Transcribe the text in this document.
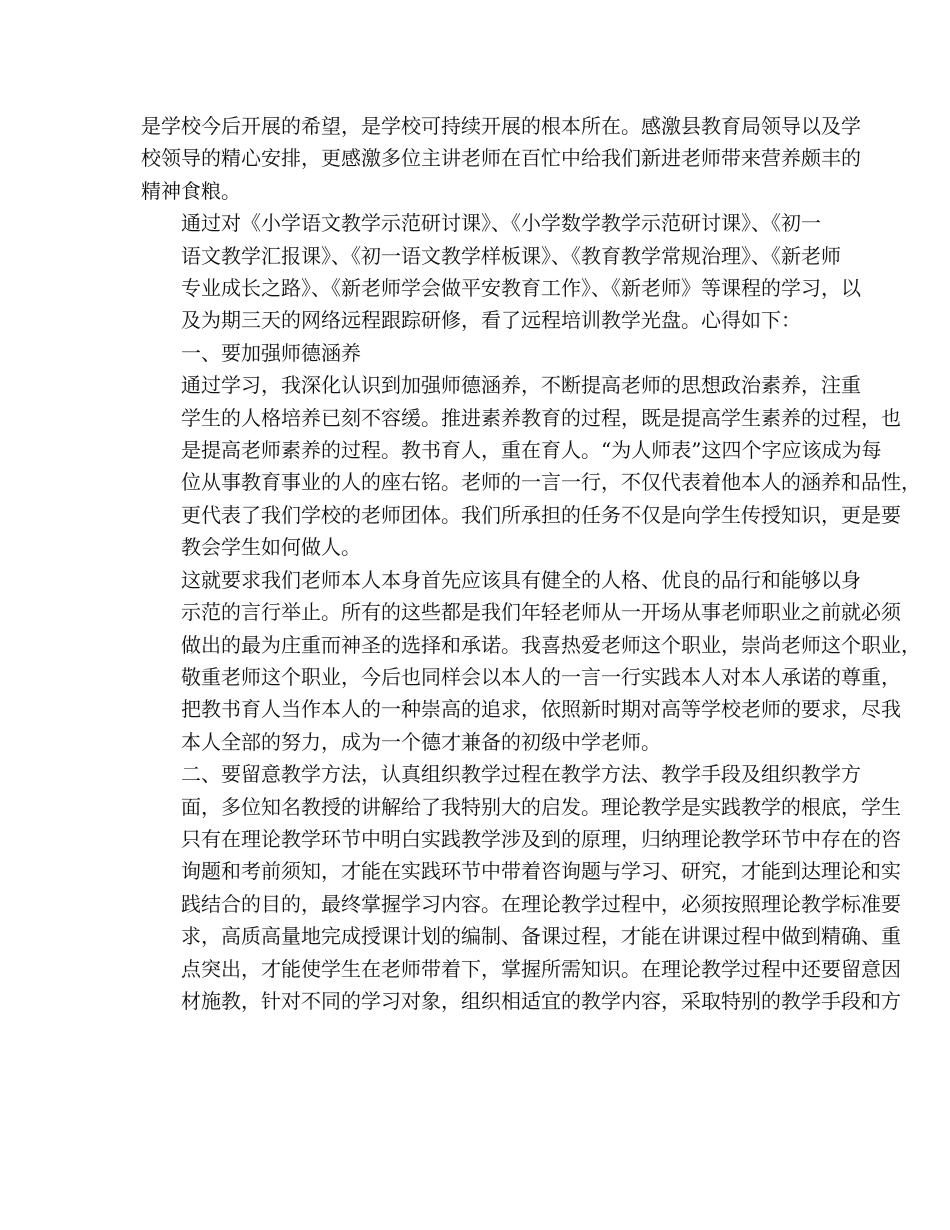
是学校今后开展的希望，是学校可持续开展的根本所在。感激县教育局领导以及学
校领导的精心安排，更感激多位主讲老师在百忙中给我们新进老师带来营养颇丰的
精神食粮。

通过对《小学语文教学示范研讨课》、《小学数学教学示范研讨课》、《初一
语文教学汇报课》、《初一语文教学样板课》、《教育教学常规治理》、《新老师
专业成长之路》、《新老师学会做平安教育工作》、《新老师》等课程的学习，以
及为期三天的网络远程跟踪研修，看了远程培训教学光盘。心得如下：

一、要加强师德涵养

通过学习，我深化认识到加强师德涵养，不断提高老师的思想政治素养，注重
学生的人格培养已刻不容缓。推进素养教育的过程，既是提高学生素养的过程，也
是提高老师素养的过程。教书育人，重在育人。“为人师表”这四个字应该成为每
位从事教育事业的人的座右铭。老师的一言一行，不仅代表着他本人的涵养和品性，
更代表了我们学校的老师团体。我们所承担的任务不仅是向学生传授知识，更是要
教会学生如何做人。

这就要求我们老师本人本身首先应该具有健全的人格、优良的品行和能够以身
示范的言行举止。所有的这些都是我们年轻老师从一开场从事老师职业之前就必须
做出的最为庄重而神圣的选择和承诺。我喜热爱老师这个职业，崇尚老师这个职业，
敬重老师这个职业，今后也同样会以本人的一言一行实践本人对本人承诺的尊重，
把教书育人当作本人的一种崇高的追求，依照新时期对高等学校老师的要求，尽我
本人全部的努力，成为一个德才兼备的初级中学老师。

二、要留意教学方法，认真组织教学过程在教学方法、教学手段及组织教学方
面，多位知名教授的讲解给了我特别大的启发。理论教学是实践教学的根底，学生
只有在理论教学环节中明白实践教学涉及到的原理，归纳理论教学环节中存在的咨
询题和考前须知，才能在实践环节中带着咨询题与学习、研究，才能到达理论和实
践结合的目的，最终掌握学习内容。在理论教学过程中，必须按照理论教学标准要
求，高质高量地完成授课计划的编制、备课过程，才能在讲课过程中做到精确、重
点突出，才能使学生在老师带着下，掌握所需知识。在理论教学过程中还要留意因
材施教，针对不同的学习对象，组织相适宜的教学内容，采取特别的教学手段和方
